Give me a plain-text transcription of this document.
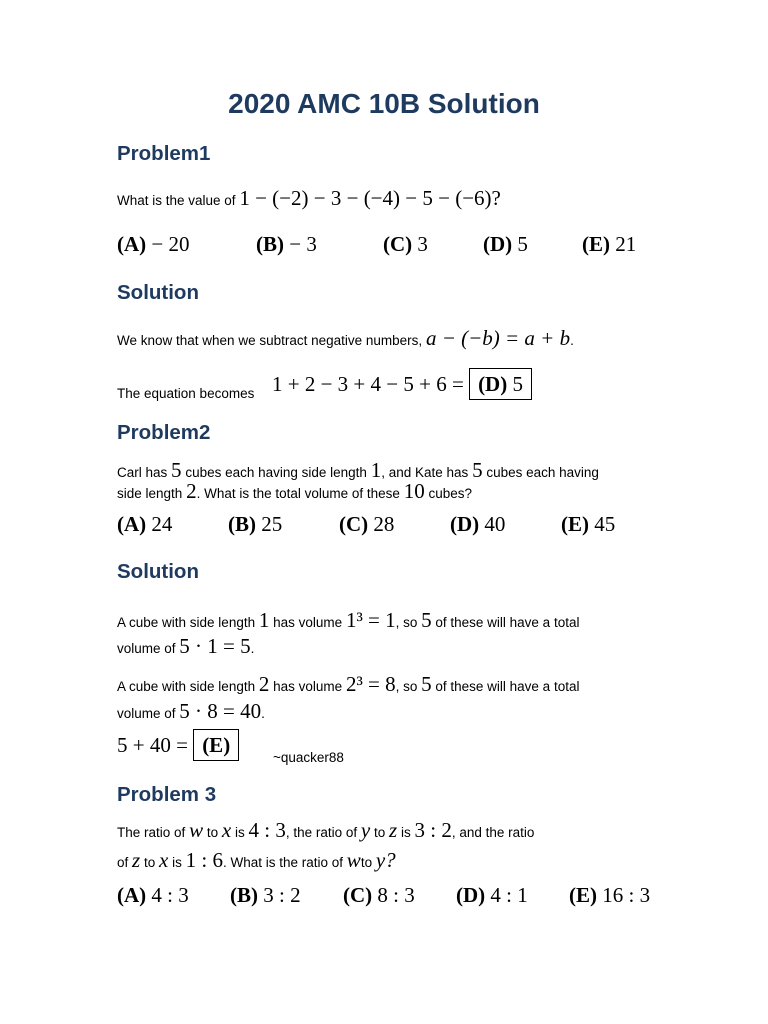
2020 AMC 10B Solution
Problem1
What is the value of 1 − (−2) − 3 − (−4) − 5 − (−6)?
(A) − 20	(B) − 3	(C) 3	(D) 5	(E) 21
Solution
We know that when we subtract negative numbers, a − (−b) = a + b.
The equation becomes 1 + 2 − 3 + 4 − 5 + 6 = (D) 5
Problem2
Carl has 5 cubes each having side length 1, and Kate has 5 cubes each having
side length 2. What is the total volume of these 10 cubes?
(A) 24	(B) 25	(C) 28	(D) 40	(E) 45
Solution
A cube with side length 1 has volume 1³ = 1, so 5 of these will have a total
volume of 5 · 1 = 5.
A cube with side length 2 has volume 2³ = 8, so 5 of these will have a total
volume of 5 · 8 = 40.
5 + 40 = (E)
~quacker88
Problem 3
The ratio of w to x is 4 : 3, the ratio of y to z is 3 : 2, and the ratio
of z to x is 1 : 6. What is the ratio of wto y?
(A) 4 : 3 (B) 3 : 2 (C) 8 : 3 (D) 4 : 1 (E) 16 : 3
